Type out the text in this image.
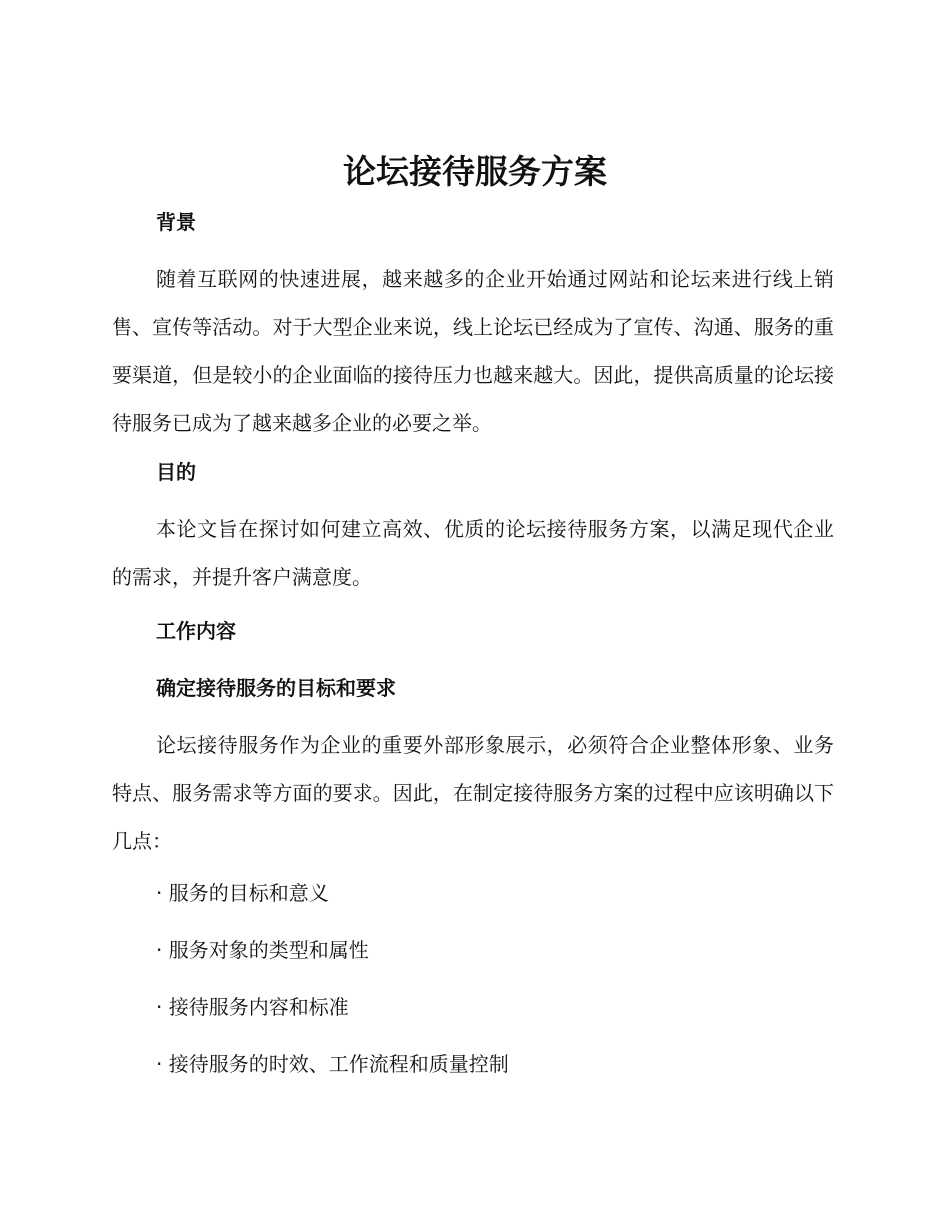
论坛接待服务方案
背景

随着互联网的快速进展，越来越多的企业开始通过网站和论坛来进行线上销售、宣传等活动。对于大型企业来说，线上论坛已经成为了宣传、沟通、服务的重要渠道，但是较小的企业面临的接待压力也越来越大。因此，提供高质量的论坛接待服务已成为了越来越多企业的必要之举。

目的

本论文旨在探讨如何建立高效、优质的论坛接待服务方案，以满足现代企业的需求，并提升客户满意度。

工作内容
确定接待服务的目标和要求

论坛接待服务作为企业的重要外部形象展示，必须符合企业整体形象、业务特点、服务需求等方面的要求。因此，在制定接待服务方案的过程中应该明确以下几点：

· 服务的目标和意义

· 服务对象的类型和属性

· 接待服务内容和标准

· 接待服务的时效、工作流程和质量控制
